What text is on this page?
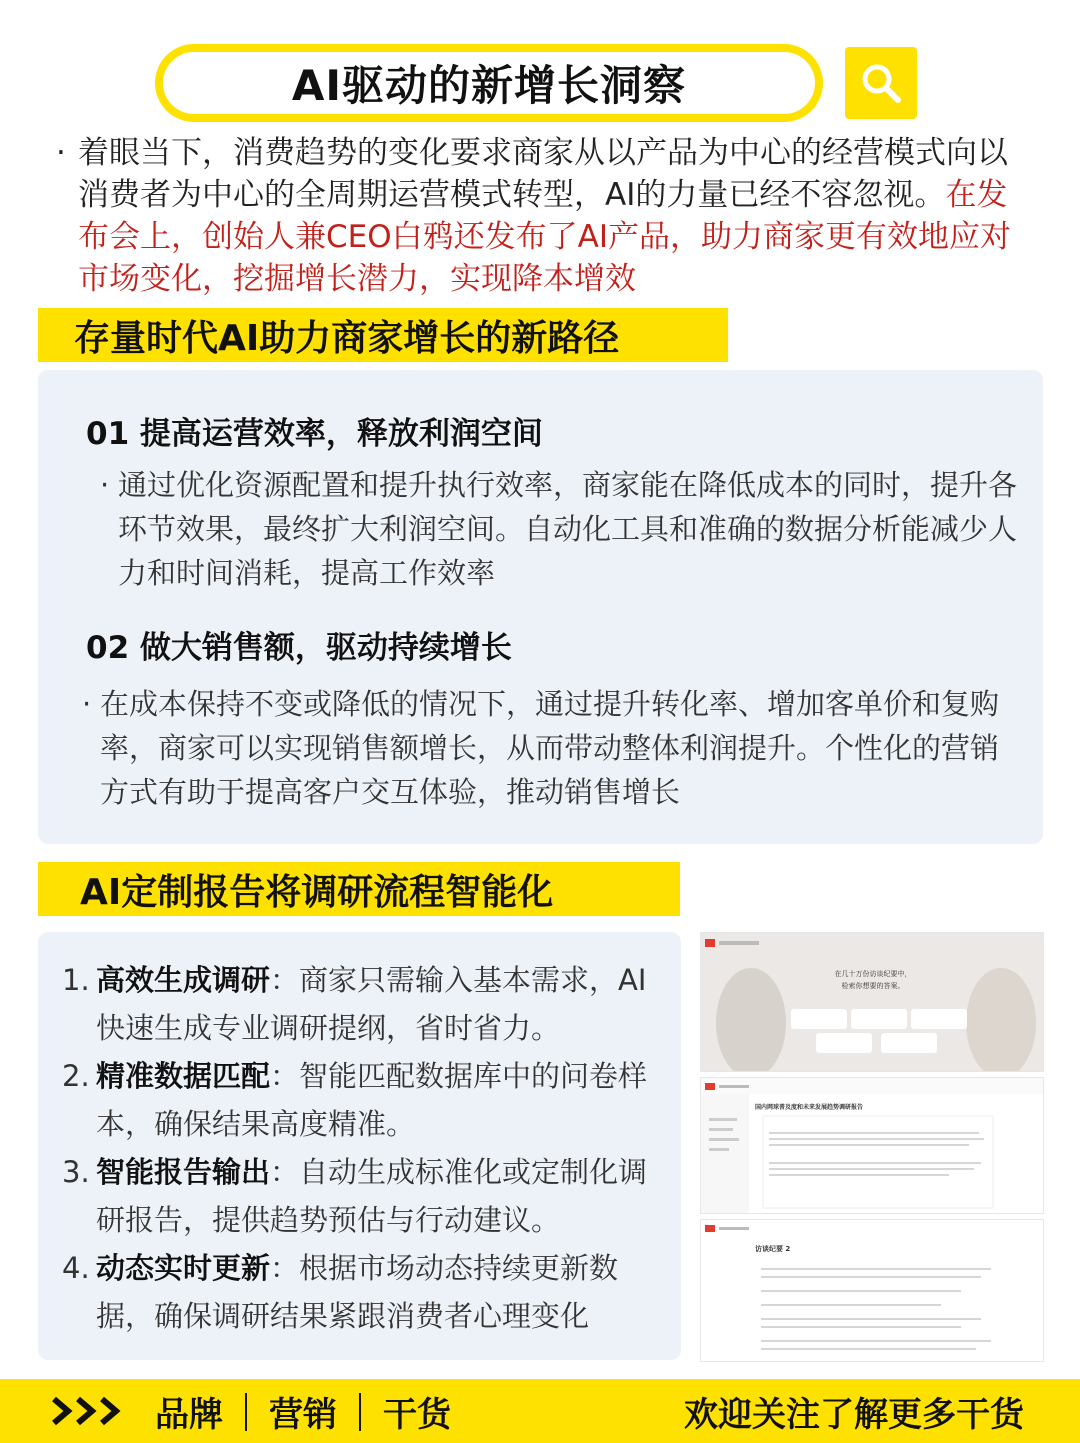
AI驱动的新增长洞察
· 着眼当下，消费趋势的变化要求商家从以产品为中心的经营模式向以消费者为中心的全周期运营模式转型，AI的力量已经不容忽视。在发布会上，创始人兼CEO白鸦还发布了AI产品，助力商家更有效地应对市场变化，挖掘增长潜力，实现降本增效

存量时代AI助力商家增长的新路径
01 提高运营效率，释放利润空间
· 通过优化资源配置和提升执行效率，商家能在降低成本的同时，提升各环节效果，最终扩大利润空间。自动化工具和准确的数据分析能减少人力和时间消耗，提高工作效率
02 做大销售额，驱动持续增长
· 在成本保持不变或降低的情况下，通过提升转化率、增加客单价和复购率，商家可以实现销售额增长，从而带动整体利润提升。个性化的营销方式有助于提高客户交互体验，推动销售增长
AI定制报告将调研流程智能化
1. 高效生成调研：商家只需输入基本需求，AI快速生成专业调研提纲，省时省力。
2. 精准数据匹配：智能匹配数据库中的问卷样本，确保结果高度精准。
3. 智能报告输出：自动生成标准化或定制化调研报告，提供趋势预估与行动建议。
4. 动态实时更新：根据市场动态持续更新数据，确保调研结果紧跟消费者心理变化
在几十万份访谈纪要中，
检索你想要的答案。
国内网球普及度和未来发展趋势调研报告
访谈纪要 2
品牌 营销 干货	欢迎关注了解更多干货
